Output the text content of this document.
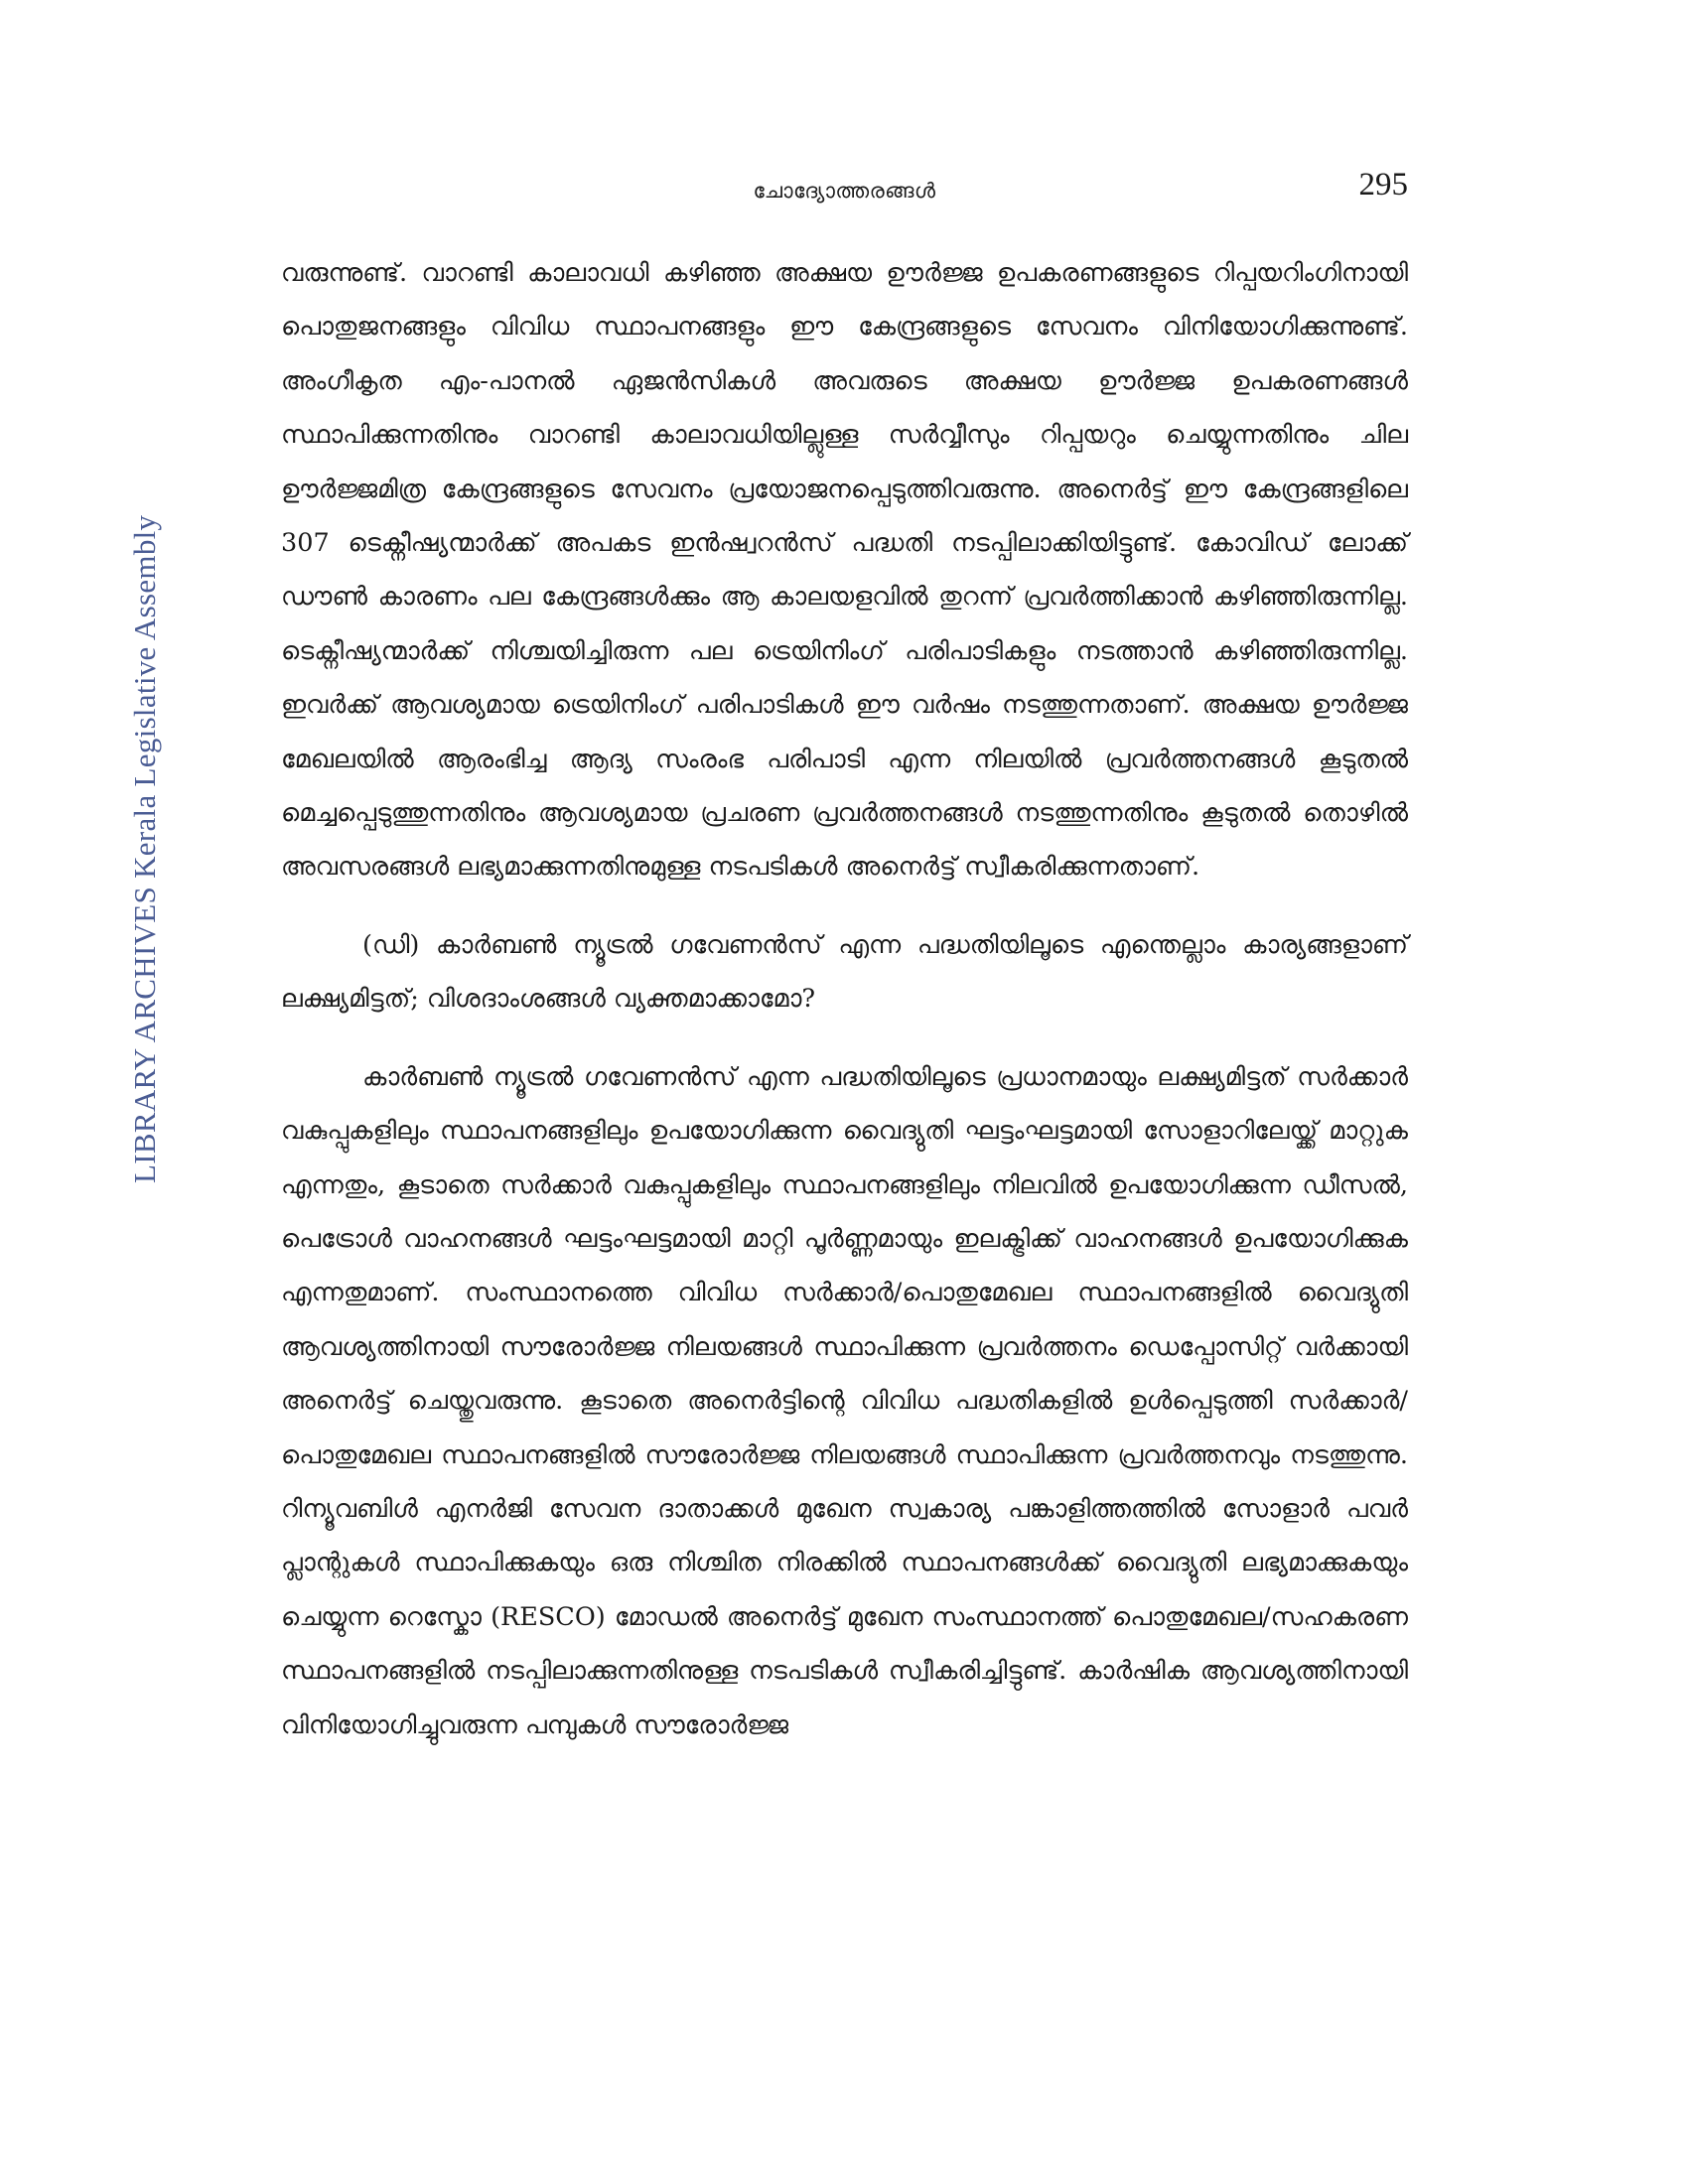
ചോദ്യോത്തരങ്ങൾ	295
LIBRARY ARCHIVES Kerala Legislative Assembly

വരുന്നുണ്ട്. വാറണ്ടി കാലാവധി കഴിഞ്ഞ അക്ഷയ ഊർജ്ജ ഉപകരണങ്ങളുടെ റിപ്പയറിംഗിനായി പൊതുജനങ്ങളും വിവിധ സ്ഥാപനങ്ങളും ഈ കേന്ദ്രങ്ങളുടെ സേവനം വിനിയോഗിക്കുന്നുണ്ട്. അംഗീകൃത എം-പാനൽ ഏജൻസികൾ അവരുടെ അക്ഷയ ഊർജ്ജ ഉപകരണങ്ങൾ സ്ഥാപിക്കുന്നതിനും വാറണ്ടി കാലാവധിയില്ലുള്ള സർവ്വീസും റിപ്പയറും ചെയ്യുന്നതിനും ചില ഊർജ്ജമിത്ര കേന്ദ്രങ്ങളുടെ സേവനം പ്രയോജനപ്പെടുത്തിവരുന്നു. അനെർട്ട് ഈ കേന്ദ്രങ്ങളിലെ 307 ടെക്നീഷ്യന്മാർക്ക് അപകട ഇൻഷ്വറൻസ് പദ്ധതി നടപ്പിലാക്കിയിട്ടുണ്ട്. കോവിഡ് ലോക്ക് ഡൗൺ കാരണം പല കേന്ദ്രങ്ങൾക്കും ആ കാലയളവിൽ തുറന്ന് പ്രവർത്തിക്കാൻ കഴിഞ്ഞിരുന്നില്ല. ടെക്നീഷ്യന്മാർക്ക് നിശ്ചയിച്ചിരുന്ന പല ട്രെയിനിംഗ് പരിപാടികളും നടത്താൻ കഴിഞ്ഞിരുന്നില്ല. ഇവർക്ക് ആവശ്യമായ ട്രെയിനിംഗ് പരിപാടികൾ ഈ വർഷം നടത്തുന്നതാണ്. അക്ഷയ ഊർജ്ജ മേഖലയിൽ ആരംഭിച്ച ആദ്യ സംരംഭ പരിപാടി എന്ന നിലയിൽ പ്രവർത്തനങ്ങൾ കൂടുതൽ മെച്ചപ്പെടുത്തുന്നതിനും ആവശ്യമായ പ്രചരണ പ്രവർത്തനങ്ങൾ നടത്തുന്നതിനും കൂടുതൽ തൊഴിൽ അവസരങ്ങൾ ലഭ്യമാക്കുന്നതിനുമുള്ള നടപടികൾ അനെർട്ട് സ്വീകരിക്കുന്നതാണ്.

(ഡി) കാർബൺ ന്യൂട്രൽ ഗവേണൻസ് എന്ന പദ്ധതിയിലൂടെ എന്തെല്ലാം കാര്യങ്ങളാണ് ലക്ഷ്യമിട്ടത്; വിശദാംശങ്ങൾ വ്യക്തമാക്കാമോ?

കാർബൺ ന്യൂട്രൽ ഗവേണൻസ് എന്ന പദ്ധതിയിലൂടെ പ്രധാനമായും ലക്ഷ്യമിട്ടത് സർക്കാർ വകുപ്പുകളിലും സ്ഥാപനങ്ങളിലും ഉപയോഗിക്കുന്ന വൈദ്യുതി ഘട്ടംഘട്ടമായി സോളാറിലേയ്ക്ക് മാറ്റുക എന്നതും, കൂടാതെ സർക്കാർ വകുപ്പുകളിലും സ്ഥാപനങ്ങളിലും നിലവിൽ ഉപയോഗിക്കുന്ന ഡീസൽ, പെട്രോൾ വാഹനങ്ങൾ ഘട്ടംഘട്ടമായി മാറ്റി പൂർണ്ണമായും ഇലക്ട്രിക്ക് വാഹനങ്ങൾ ഉപയോഗിക്കുക എന്നതുമാണ്. സംസ്ഥാനത്തെ വിവിധ സർക്കാർ/പൊതുമേഖല സ്ഥാപനങ്ങളിൽ വൈദ്യുതി ആവശ്യത്തിനായി സൗരോർജ്ജ നിലയങ്ങൾ സ്ഥാപിക്കുന്ന പ്രവർത്തനം ഡെപ്പോസിറ്റ് വർക്കായി അനെർട്ട് ചെയ്തുവരുന്നു. കൂടാതെ അനെർട്ടിന്റെ വിവിധ പദ്ധതികളിൽ ഉൾപ്പെടുത്തി സർക്കാർ/ പൊതുമേഖല സ്ഥാപനങ്ങളിൽ സൗരോർജ്ജ നിലയങ്ങൾ സ്ഥാപിക്കുന്ന പ്രവർത്തനവും നടത്തുന്നു. റിന്യൂവബിൾ എനർജി സേവന ദാതാക്കൾ മുഖേന സ്വകാര്യ പങ്കാളിത്തത്തിൽ സോളാർ പവർ പ്ലാന്റുകൾ സ്ഥാപിക്കുകയും ഒരു നിശ്ചിത നിരക്കിൽ സ്ഥാപനങ്ങൾക്ക് വൈദ്യുതി ലഭ്യമാക്കുകയും ചെയ്യുന്ന റെസ്കോ (RESCO) മോഡൽ അനെർട്ട് മുഖേന സംസ്ഥാനത്ത് പൊതുമേഖല/സഹകരണ സ്ഥാപനങ്ങളിൽ നടപ്പിലാക്കുന്നതിനുള്ള നടപടികൾ സ്വീകരിച്ചിട്ടുണ്ട്. കാർഷിക ആവശ്യത്തിനായി വിനിയോഗിച്ചുവരുന്ന പമ്പുകൾ സൗരോർജ്ജ
